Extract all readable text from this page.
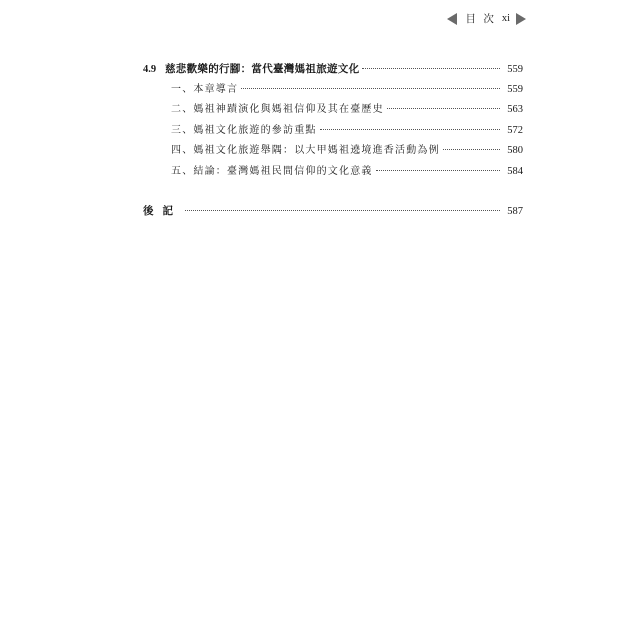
目 次 xi
4.9 慈悲歡樂的行腳：當代臺灣媽祖旅遊文化	559
一、本章導言	559
二、媽祖神蹟演化與媽祖信仰及其在臺歷史	563
三、媽祖文化旅遊的參訪重點	572
四、媽祖文化旅遊舉隅：以大甲媽祖遶境進香活動為例	580
五、結論：臺灣媽祖民間信仰的文化意義	584
後記	587
